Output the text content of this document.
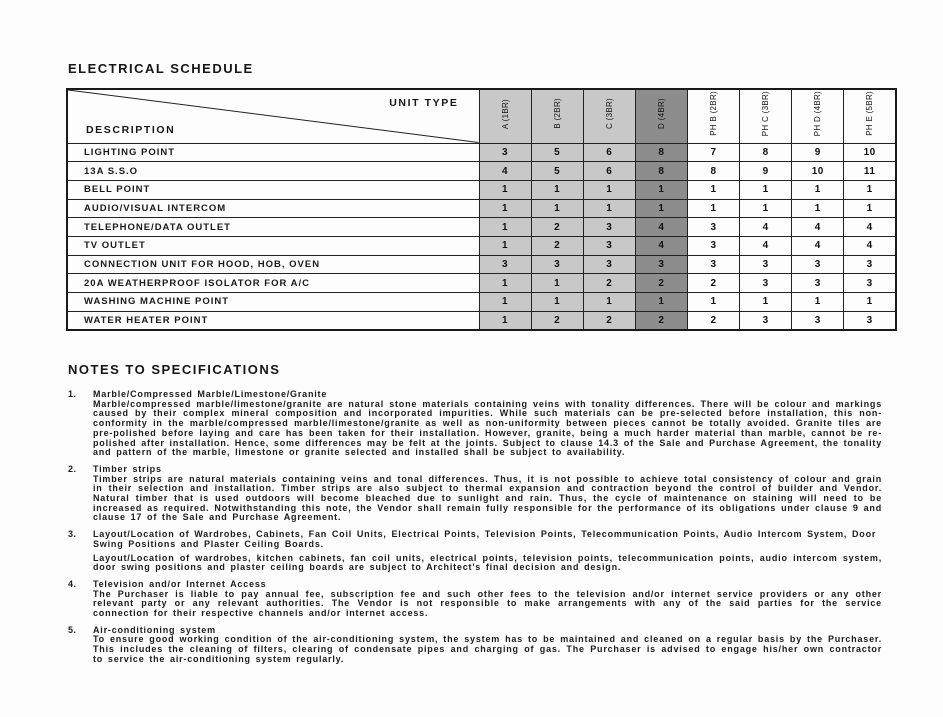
ELECTRICAL SCHEDULE
UNIT TYPE
DESCRIPTION	A (1BR)	B (2BR)	C (3BR)	D (4BR)	PH B (2BR)	PH C (3BR)	PH D (4BR)	PH E (5BR)
LIGHTING POINT	3	5	6	8	7	8	9	10
13A S.S.O	4	5	6	8	8	9	10	11
BELL POINT	1	1	1	1	1	1	1	1
AUDIO/VISUAL INTERCOM	1	1	1	1	1	1	1	1
TELEPHONE/DATA OUTLET	1	2	3	4	3	4	4	4
TV OUTLET	1	2	3	4	3	4	4	4
CONNECTION UNIT FOR HOOD, HOB, OVEN	3	3	3	3	3	3	3	3
20A WEATHERPROOF ISOLATOR FOR A/C	1	1	2	2	2	3	3	3
WASHING MACHINE POINT	1	1	1	1	1	1	1	1
WATER HEATER POINT	1	2	2	2	2	3	3	3
NOTES TO SPECIFICATIONS
1.	Marble/Compressed Marble/Limestone/Granite
Marble/compressed marble/limestone/granite are natural stone materials containing veins with tonality differences. There will be colour and markings caused by their complex mineral composition and incorporated impurities. While such materials can be pre-selected before installation, this non-conformity in the marble/compressed marble/limestone/granite as well as non-uniformity between pieces cannot be totally avoided. Granite tiles are pre-polished before laying and care has been taken for their installation. However, granite, being a much harder material than marble, cannot be re-polished after installation. Hence, some differences may be felt at the joints. Subject to clause 14.3 of the Sale and Purchase Agreement, the tonality and pattern of the marble, limestone or granite selected and installed shall be subject to availability.
2.	Timber strips
Timber strips are natural materials containing veins and tonal differences. Thus, it is not possible to achieve total consistency of colour and grain in their selection and installation. Timber strips are also subject to thermal expansion and contraction beyond the control of builder and Vendor. Natural timber that is used outdoors will become bleached due to sunlight and rain. Thus, the cycle of maintenance on staining will need to be increased as required. Notwithstanding this note, the Vendor shall remain fully responsible for the performance of its obligations under clause 9 and clause 17 of the Sale and Purchase Agreement.
3.	Layout/Location of Wardrobes, Cabinets, Fan Coil Units, Electrical Points, Television Points, Telecommunication Points, Audio Intercom System, Door Swing Positions and Plaster Ceiling Boards.
Layout/Location of wardrobes, kitchen cabinets, fan coil units, electrical points, television points, telecommunication points, audio intercom system, door swing positions and plaster ceiling boards are subject to Architect's final decision and design.
4.	Television and/or Internet Access
The Purchaser is liable to pay annual fee, subscription fee and such other fees to the television and/or internet service providers or any other relevant party or any relevant authorities. The Vendor is not responsible to make arrangements with any of the said parties for the service connection for their respective channels and/or internet access.
5.	Air-conditioning system
To ensure good working condition of the air-conditioning system, the system has to be maintained and cleaned on a regular basis by the Purchaser. This includes the cleaning of filters, clearing of condensate pipes and charging of gas. The Purchaser is advised to engage his/her own contractor to service the air-conditioning system regularly.
